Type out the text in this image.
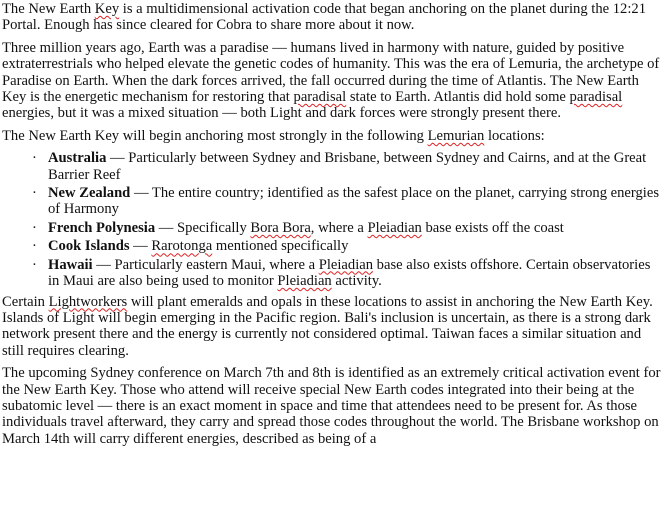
The New Earth Key is a multidimensional activation code that began anchoring on the planet during the 12:21 Portal. Enough has since cleared for Cobra to share more about it now.

Three million years ago, Earth was a paradise — humans lived in harmony with nature, guided by positive extraterrestrials who helped elevate the genetic codes of humanity. This was the era of Lemuria, the archetype of Paradise on Earth. When the dark forces arrived, the fall occurred during the time of Atlantis. The New Earth Key is the energetic mechanism for restoring that paradisal state to Earth. Atlantis did hold some paradisal energies, but it was a mixed situation — both Light and dark forces were strongly present there.

The New Earth Key will begin anchoring most strongly in the following Lemurian locations:

· Australia — Particularly between Sydney and Brisbane, between Sydney and Cairns, and at the Great Barrier Reef
· New Zealand — The entire country; identified as the safest place on the planet, carrying strong energies of Harmony
· French Polynesia — Specifically Bora Bora, where a Pleiadian base exists off the coast
· Cook Islands — Rarotonga mentioned specifically
· Hawaii — Particularly eastern Maui, where a Pleiadian base also exists offshore. Certain observatories in Maui are also being used to monitor Pleiadian activity.

Certain Lightworkers will plant emeralds and opals in these locations to assist in anchoring the New Earth Key. Islands of Light will begin emerging in the Pacific region. Bali's inclusion is uncertain, as there is a strong dark network present there and the energy is currently not considered optimal. Taiwan faces a similar situation and still requires clearing.

The upcoming Sydney conference on March 7th and 8th is identified as an extremely critical activation event for the New Earth Key. Those who attend will receive special New Earth codes integrated into their being at the subatomic level — there is an exact moment in space and time that attendees need to be present for. As those individuals travel afterward, they carry and spread those codes throughout the world. The Brisbane workshop on March 14th will carry different energies, described as being of a
